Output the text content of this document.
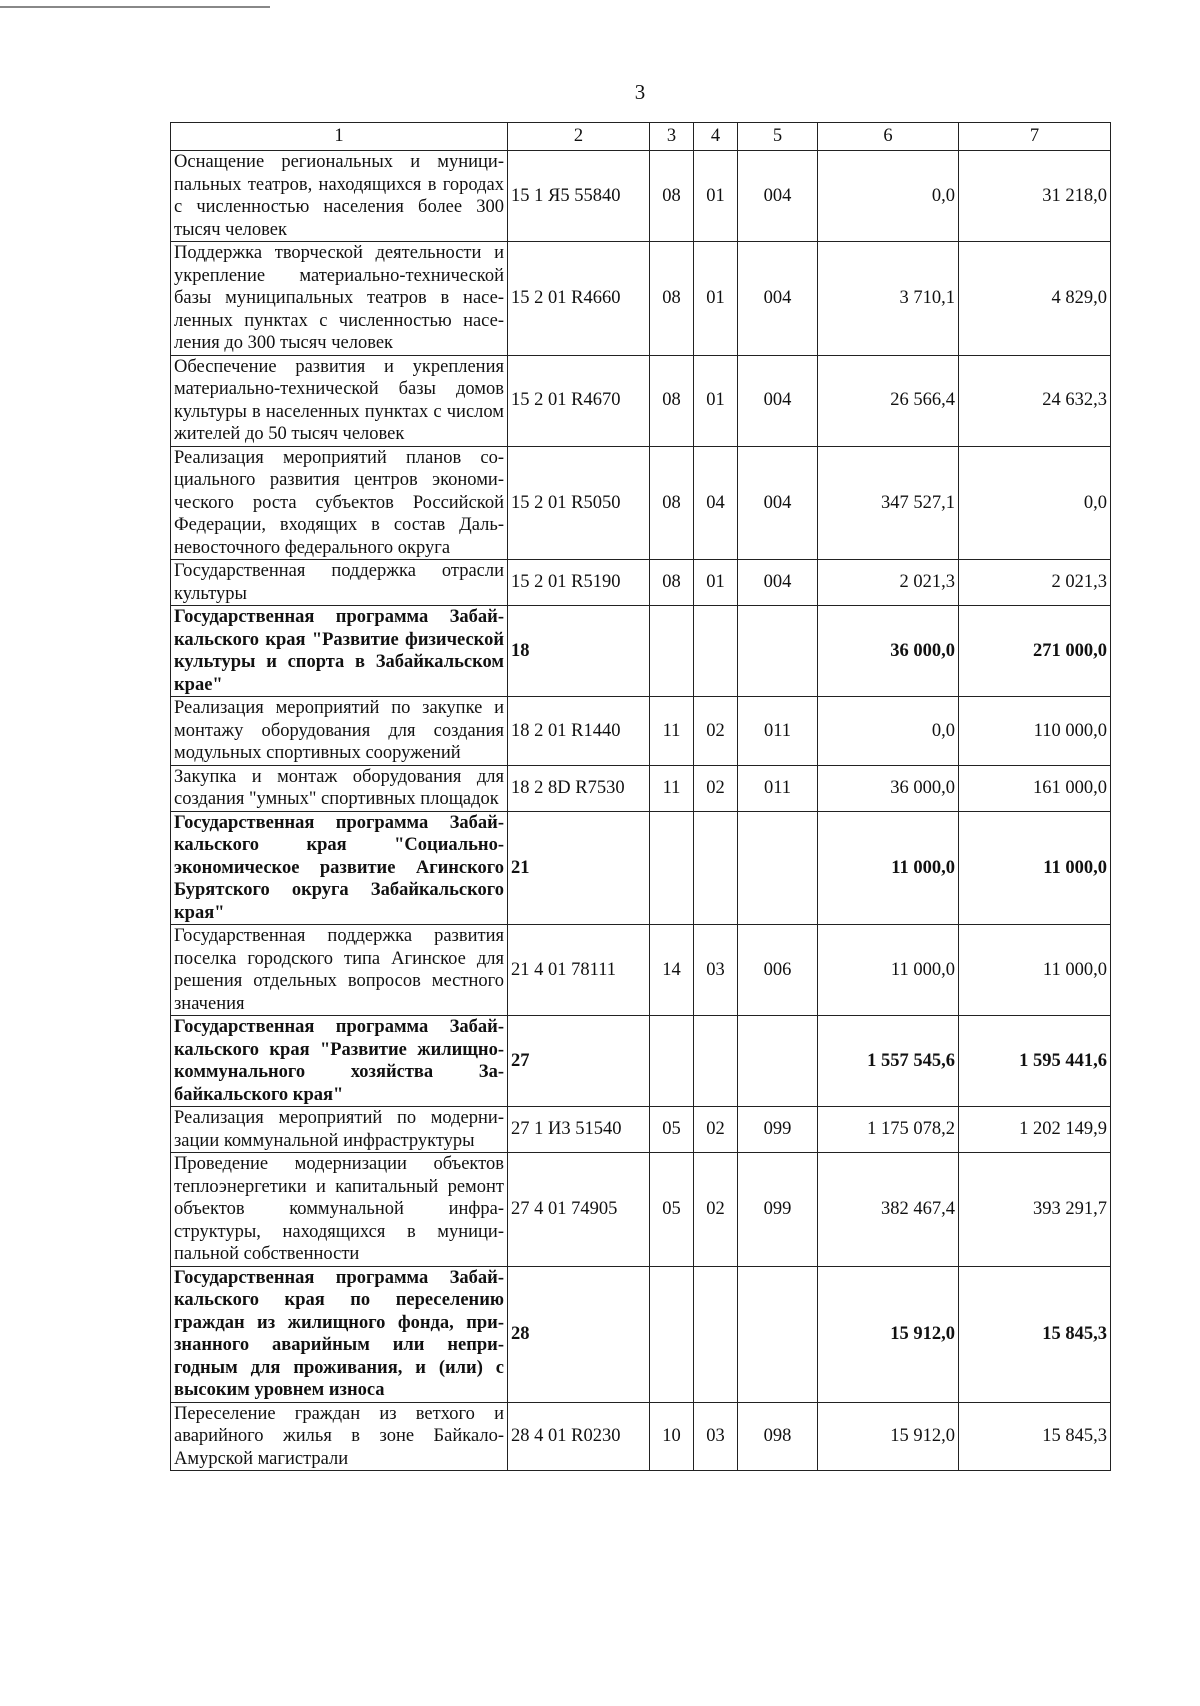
3
1	2	3	4	5	6	7
Оснащение региональных и муниципальных театров, находящихся в городах с численностью населения более 300 тысяч человек	15 1 Я5 55840	08	01	004	0,0	31 218,0
Поддержка творческой деятельности и укрепление материально-технической базы муниципальных театров в населенных пунктах с численностью населения до 300 тысяч человек	15 2 01 R4660	08	01	004	3 710,1	4 829,0
Обеспечение развития и укрепления материально-технической базы домов культуры в населенных пунктах с числом жителей до 50 тысяч человек	15 2 01 R4670	08	01	004	26 566,4	24 632,3
Реализация мероприятий планов социального развития центров экономического роста субъектов Российской Федерации, входящих в состав Дальневосточного федерального округа	15 2 01 R5050	08	04	004	347 527,1	0,0
Государственная поддержка отрасли культуры	15 2 01 R5190	08	01	004	2 021,3	2 021,3
Государственная программа Забайкальского края "Развитие физической культуры и спорта в Забайкальском крае"	18				36 000,0	271 000,0
Реализация мероприятий по закупке и монтажу оборудования для создания модульных спортивных сооружений	18 2 01 R1440	11	02	011	0,0	110 000,0
Закупка и монтаж оборудования для создания "умных" спортивных площадок	18 2 8D R7530	11	02	011	36 000,0	161 000,0
Государственная программа Забайкальского края "Социально-экономическое развитие Агинского Бурятского округа Забайкальского края"	21				11 000,0	11 000,0
Государственная поддержка развития поселка городского типа Агинское для решения отдельных вопросов местного значения	21 4 01 78111	14	03	006	11 000,0	11 000,0
Государственная программа Забайкальского края "Развитие жилищно-коммунального хозяйства Забайкальского края"	27				1 557 545,6	1 595 441,6
Реализация мероприятий по модернизации коммунальной инфраструктуры	27 1 И3 51540	05	02	099	1 175 078,2	1 202 149,9
Проведение модернизации объектов теплоэнергетики и капитальный ремонт объектов коммунальной инфраструктуры, находящихся в муниципальной собственности	27 4 01 74905	05	02	099	382 467,4	393 291,7
Государственная программа Забайкальского края по переселению граждан из жилищного фонда, признанного аварийным или непригодным для проживания, и (или) с высоким уровнем износа	28				15 912,0	15 845,3
Переселение граждан из ветхого и аварийного жилья в зоне Байкало-Амурской магистрали	28 4 01 R0230	10	03	098	15 912,0	15 845,3
